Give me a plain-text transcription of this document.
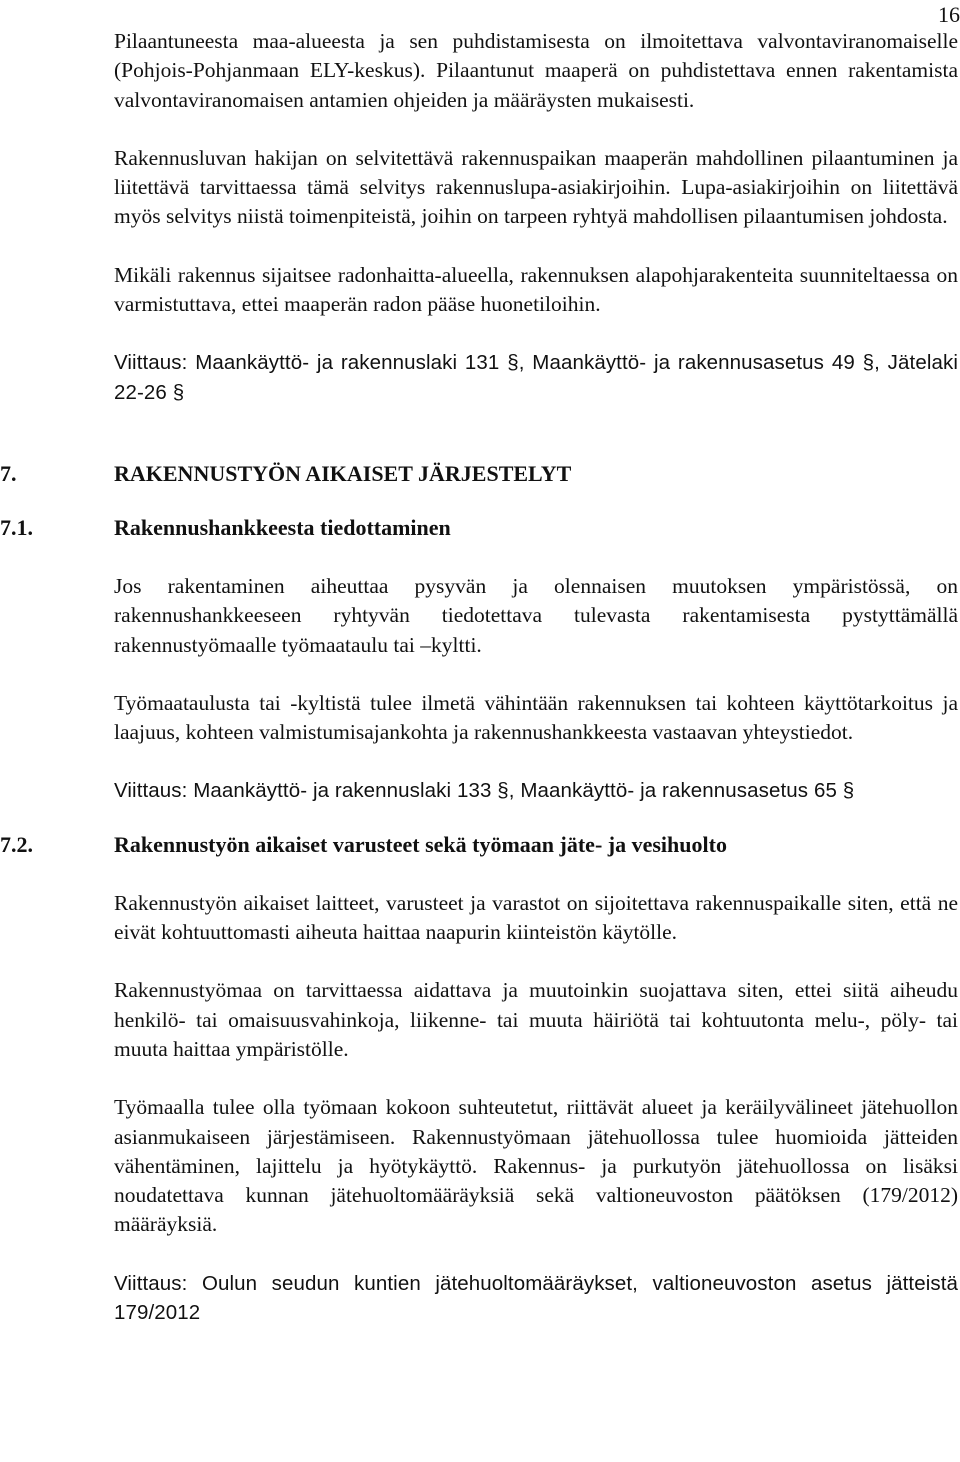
16

Pilaantuneesta maa-alueesta ja sen puhdistamisesta on ilmoitettava valvontaviranomaiselle (Pohjois-Pohjanmaan ELY-keskus). Pilaantunut maaperä on puhdistettava ennen rakentamista valvontaviranomaisen antamien ohjeiden ja määräysten mukaisesti.

Rakennusluvan hakijan on selvitettävä rakennuspaikan maaperän mahdollinen pilaantuminen ja liitettävä tarvittaessa tämä selvitys rakennuslupa-asiakirjoihin. Lupa-asiakirjoihin on liitettävä myös selvitys niistä toimenpiteistä, joihin on tarpeen ryhtyä mahdollisen pilaantumisen johdosta.

Mikäli rakennus sijaitsee radonhaitta-alueella, rakennuksen alapohjarakenteita suunniteltaessa on varmistuttava, ettei maaperän radon pääse huonetiloihin.

Viittaus: Maankäyttö- ja rakennuslaki 131 §, Maankäyttö- ja rakennusasetus 49 §, Jätelaki 22-26 §

7.	RAKENNUSTYÖN AIKAISET JÄRJESTELYT
7.1.	Rakennushankkeesta tiedottaminen

Jos rakentaminen aiheuttaa pysyvän ja olennaisen muutoksen ympäristössä, on rakennushankkeeseen ryhtyvän tiedotettava tulevasta rakentamisesta pystyttämällä rakennustyömaalle työmaataulu tai –kyltti.

Työmaataulusta tai -kyltistä tulee ilmetä vähintään rakennuksen tai kohteen käyttötarkoitus ja laajuus, kohteen valmistumisajankohta ja rakennushankkeesta vastaavan yhteystiedot.

Viittaus: Maankäyttö- ja rakennuslaki 133 §, Maankäyttö- ja rakennusasetus 65 §

7.2.	Rakennustyön aikaiset varusteet sekä työmaan jäte- ja vesihuolto

Rakennustyön aikaiset laitteet, varusteet ja varastot on sijoitettava rakennuspaikalle siten, että ne eivät kohtuuttomasti aiheuta haittaa naapurin kiinteistön käytölle.

Rakennustyömaa on tarvittaessa aidattava ja muutoinkin suojattava siten, ettei siitä aiheudu henkilö- tai omaisuusvahinkoja, liikenne- tai muuta häiriötä tai kohtuutonta melu-, pöly- tai muuta haittaa ympäristölle.

Työmaalla tulee olla työmaan kokoon suhteutetut, riittävät alueet ja keräilyvälineet jätehuollon asianmukaiseen järjestämiseen. Rakennustyömaan jätehuollossa tulee huomioida jätteiden vähentäminen, lajittelu ja hyötykäyttö. Rakennus- ja purkutyön jätehuollossa on lisäksi noudatettava kunnan jätehuoltomääräyksiä sekä valtioneuvoston päätöksen (179/2012) määräyksiä.

Viittaus: Oulun seudun kuntien jätehuoltomääräykset, valtioneuvoston asetus jätteistä 179/2012
